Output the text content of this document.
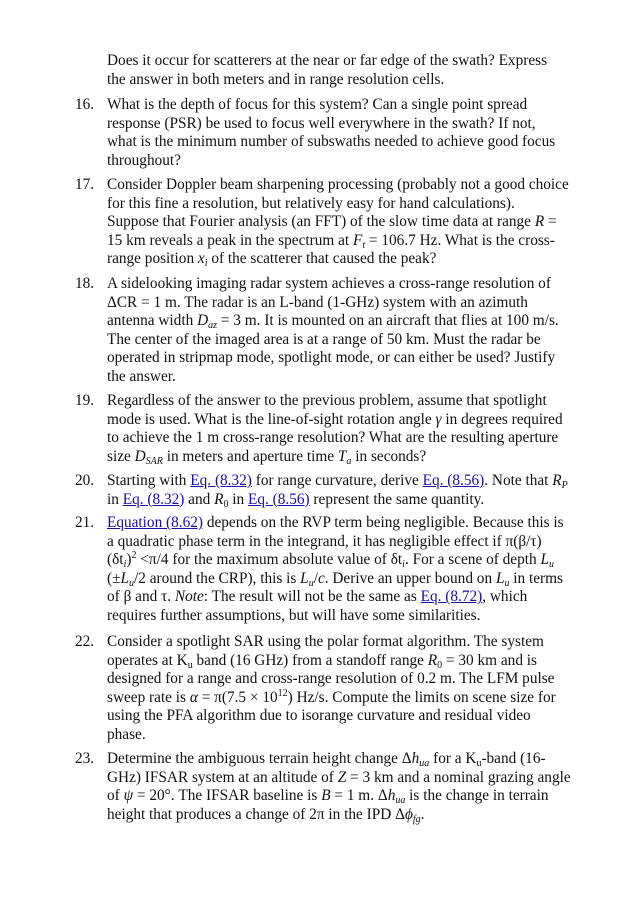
Does it occur for scatterers at the near or far edge of the swath? Express
the answer in both meters and in range resolution cells.
16. What is the depth of focus for this system? Can a single point spread
response (PSR) be used to focus well everywhere in the swath? If not,
what is the minimum number of subswaths needed to achieve good focus
throughout?
17. Consider Doppler beam sharpening processing (probably not a good choice
for this fine a resolution, but relatively easy for hand calculations).
Suppose that Fourier analysis (an FFT) of the slow time data at range R =
15 km reveals a peak in the spectrum at $F_t = 106.7$ Hz. What is the cross-
range position $x_i$ of the scatterer that caused the peak?
18. A sidelooking imaging radar system achieves a cross-range resolution of
ΔCR = 1 m. The radar is an L-band (1-GHz) system with an azimuth
antenna width $D_{az} = 3$ m. It is mounted on an aircraft that flies at 100 m/s.
The center of the imaged area is at a range of 50 km. Must the radar be
operated in stripmap mode, spotlight mode, or can either be used? Justify
the answer.
19. Regardless of the answer to the previous problem, assume that spotlight
mode is used. What is the line-of-sight rotation angle γ in degrees required
to achieve the 1 m cross-range resolution? What are the resulting aperture
size $D_{SAR}$ in meters and aperture time $T_a$ in seconds?
20. Starting with Eq. (8.32) for range curvature, derive Eq. (8.56). Note that $R_P$
in Eq. (8.32) and $R_0$ in Eq. (8.56) represent the same quantity.
21. Equation (8.62) depends on the RVP term being negligible. Because this is
a quadratic phase term in the integrand, it has negligible effect if π(β/τ)
$(\delta t_i)^2 <\pi/4$ for the maximum absolute value of $\delta t_i$. For a scene of depth $L_u$
($\pm L_u/2$ around the CRP), this is $L_u/c$. Derive an upper bound on $L_u$ in terms
of β and τ. Note: The result will not be the same as Eq. (8.72), which
requires further assumptions, but will have some similarities.
22. Consider a spotlight SAR using the polar format algorithm. The system
operates at $K_u$ band (16 GHz) from a standoff range $R_0 = 30$ km and is
designed for a range and cross-range resolution of 0.2 m. The LFM pulse
sweep rate is $\alpha = \pi(7.5 \times 10^{12})$ Hz/s. Compute the limits on scene size for
using the PFA algorithm due to isorange curvature and residual video
phase.
23. Determine the ambiguous terrain height change $\Delta h_{ua}$ for a $K_u$-band (16-
GHz) IFSAR system at an altitude of Z = 3 km and a nominal grazing angle
of ψ = 20°. The IFSAR baseline is B = 1 m. $\Delta h_{ua}$ is the change in terrain
height that produces a change of 2π in the IPD $\Delta\phi_{fg}$.
